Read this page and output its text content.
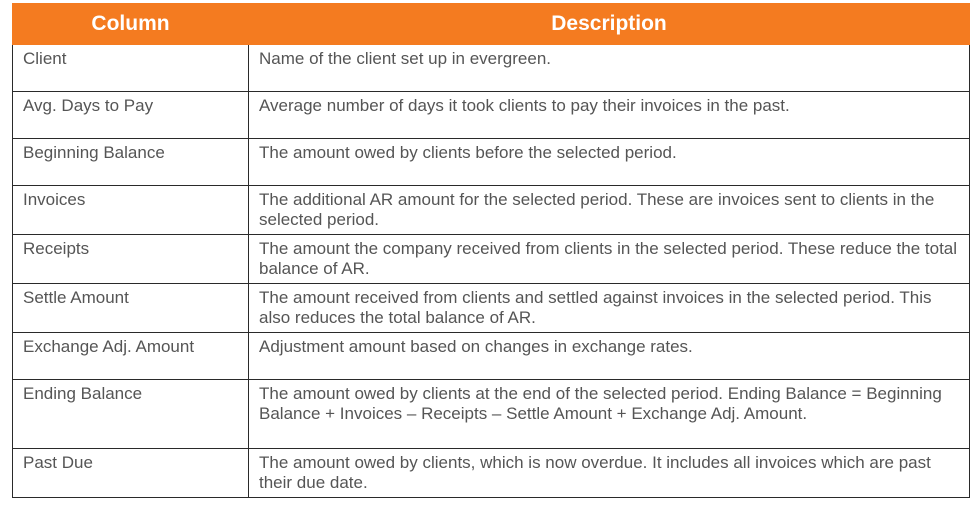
Column	Description
Client	Name of the client set up in evergreen.
Avg. Days to Pay	Average number of days it took clients to pay their invoices in the past.
Beginning Balance	The amount owed by clients before the selected period.
Invoices	The additional AR amount for the selected period. These are invoices sent to clients in the selected period.
Receipts	The amount the company received from clients in the selected period. These reduce the total balance of AR.
Settle Amount	The amount received from clients and settled against invoices in the selected period. This also reduces the total balance of AR.
Exchange Adj. Amount	Adjustment amount based on changes in exchange rates.
Ending Balance	The amount owed by clients at the end of the selected period. Ending Balance = Beginning Balance + Invoices – Receipts – Settle Amount + Exchange Adj. Amount.
Past Due	The amount owed by clients, which is now overdue. It includes all invoices which are past their due date.
